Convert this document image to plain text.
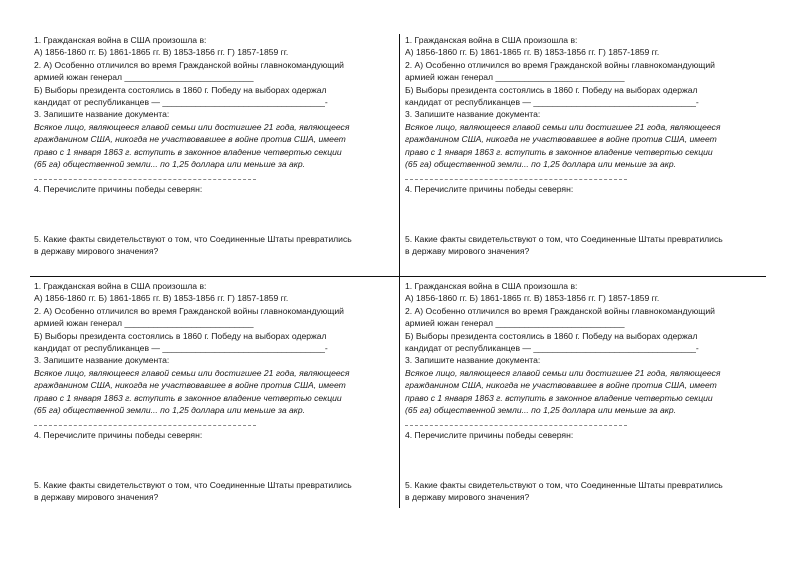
1. Гражданская война в США произошла в:
А) 1856-1860 гг. Б) 1861-1865 гг. В) 1853-1856 гг. Г) 1857-1859 гг.
2. А) Особенно отличился во время Гражданской войны главнокомандующий
армией южан генерал ___________________________
Б) Выборы президента состоялись в 1860 г. Победу на выборах одержал
кандидат от республиканцев — __________________________________-
3. Запишите название документа:
Всякое лицо, являющееся главой семьи или достигшее 21 года, являющееся
гражданином США, никогда не участвовавшее в войне против США, имеет
право с 1 января 1863 г. вступить в законное владение четвертью секции
(65 га) общественной земли... по 1,25 доллара или меньше за акр.
4. Перечислите причины победы северян:
5. Какие факты свидетельствуют о том, что Соединенные Штаты превратились
в державу мирового значения?
1. Гражданская война в США произошла в:
А) 1856-1860 гг. Б) 1861-1865 гг. В) 1853-1856 гг. Г) 1857-1859 гг.
2. А) Особенно отличился во время Гражданской войны главнокомандующий
армией южан генерал ___________________________
Б) Выборы президента состоялись в 1860 г. Победу на выборах одержал
кандидат от республиканцев — __________________________________-
3. Запишите название документа:
Всякое лицо, являющееся главой семьи или достигшее 21 года, являющееся
гражданином США, никогда не участвовавшее в войне против США, имеет
право с 1 января 1863 г. вступить в законное владение четвертью секции
(65 га) общественной земли... по 1,25 доллара или меньше за акр.
4. Перечислите причины победы северян:
5. Какие факты свидетельствуют о том, что Соединенные Штаты превратились
в державу мирового значения?
1. Гражданская война в США произошла в:
А) 1856-1860 гг. Б) 1861-1865 гг. В) 1853-1856 гг. Г) 1857-1859 гг.
2. А) Особенно отличился во время Гражданской войны главнокомандующий
армией южан генерал ___________________________
Б) Выборы президента состоялись в 1860 г. Победу на выборах одержал
кандидат от республиканцев — __________________________________-
3. Запишите название документа:
Всякое лицо, являющееся главой семьи или достигшее 21 года, являющееся
гражданином США, никогда не участвовавшее в войне против США, имеет
право с 1 января 1863 г. вступить в законное владение четвертью секции
(65 га) общественной земли... по 1,25 доллара или меньше за акр.
4. Перечислите причины победы северян:
5. Какие факты свидетельствуют о том, что Соединенные Штаты превратились
в державу мирового значения?
1. Гражданская война в США произошла в:
А) 1856-1860 гг. Б) 1861-1865 гг. В) 1853-1856 гг. Г) 1857-1859 гг.
2. А) Особенно отличился во время Гражданской войны главнокомандующий
армией южан генерал ___________________________
Б) Выборы президента состоялись в 1860 г. Победу на выборах одержал
кандидат от республиканцев — __________________________________-
3. Запишите название документа:
Всякое лицо, являющееся главой семьи или достигшее 21 года, являющееся
гражданином США, никогда не участвовавшее в войне против США, имеет
право с 1 января 1863 г. вступить в законное владение четвертью секции
(65 га) общественной земли... по 1,25 доллара или меньше за акр.
4. Перечислите причины победы северян:
5. Какие факты свидетельствуют о том, что Соединенные Штаты превратились
в державу мирового значения?
